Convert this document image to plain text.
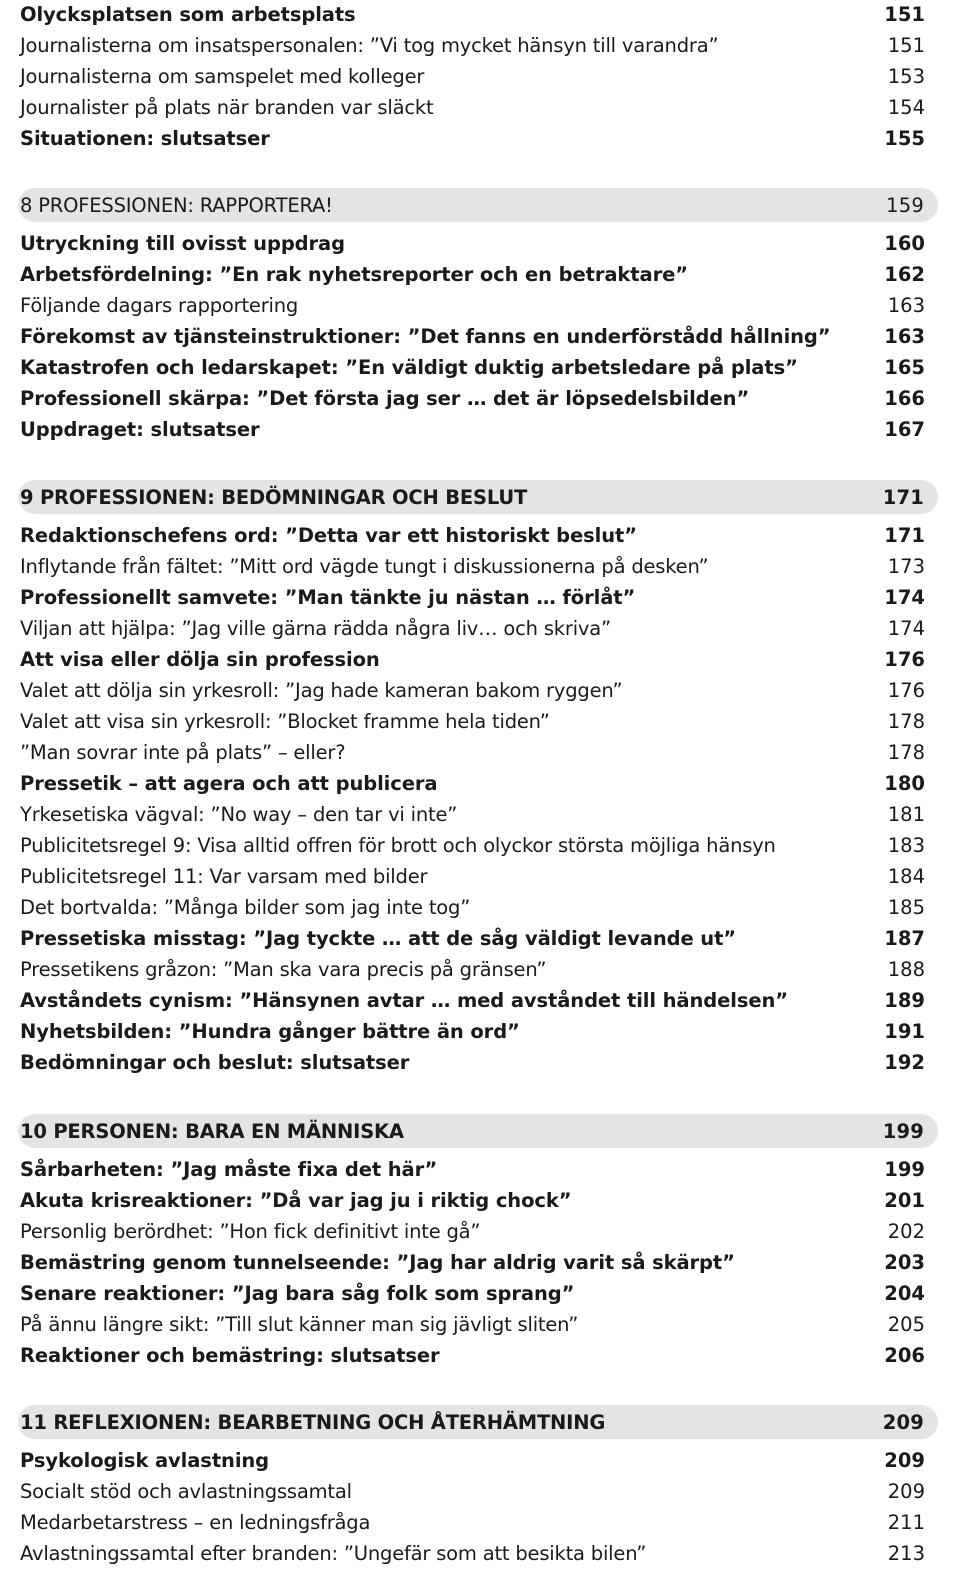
Olycksplatsen som arbetsplats	151
Journalisterna om insatspersonalen: ”Vi tog mycket hänsyn till varandra”	151
Journalisterna om samspelet med kolleger	153
Journalister på plats när branden var släckt	154
Situationen: slutsatser	155
8 PROFESSIONEN: RAPPORTERA!	159
Utryckning till ovisst uppdrag	160
Arbetsfördelning: ”En rak nyhetsreporter och en betraktare”	162
Följande dagars rapportering	163
Förekomst av tjänsteinstruktioner: ”Det fanns en underförstådd hållning”	163
Katastrofen och ledarskapet: ”En väldigt duktig arbetsledare på plats”	165
Professionell skärpa: ”Det första jag ser … det är löpsedelsbilden”	166
Uppdraget: slutsatser	167
9 PROFESSIONEN: BEDÖMNINGAR OCH BESLUT	171
Redaktionschefens ord: ”Detta var ett historiskt beslut”	171
Inflytande från fältet: ”Mitt ord vägde tungt i diskussionerna på desken”	173
Professionellt samvete: ”Man tänkte ju nästan … förlåt”	174
Viljan att hjälpa: ”Jag ville gärna rädda några liv… och skriva”	174
Att visa eller dölja sin profession	176
Valet att dölja sin yrkesroll: ”Jag hade kameran bakom ryggen”	176
Valet att visa sin yrkesroll: ”Blocket framme hela tiden”	178
”Man sovrar inte på plats” – eller?	178
Pressetik – att agera och att publicera	180
Yrkesetiska vägval: ”No way – den tar vi inte”	181
Publicitetsregel 9: Visa alltid offren för brott och olyckor största möjliga hänsyn	183
Publicitetsregel 11: Var varsam med bilder	184
Det bortvalda: ”Många bilder som jag inte tog”	185
Pressetiska misstag: ”Jag tyckte … att de såg väldigt levande ut”	187
Pressetikens gråzon: ”Man ska vara precis på gränsen”	188
Avståndets cynism: ”Hänsynen avtar … med avståndet till händelsen”	189
Nyhetsbilden: ”Hundra gånger bättre än ord”	191
Bedömningar och beslut: slutsatser	192
10 PERSONEN: BARA EN MÄNNISKA	199
Sårbarheten: ”Jag måste fixa det här”	199
Akuta krisreaktioner: ”Då var jag ju i riktig chock”	201
Personlig berördhet: ”Hon fick definitivt inte gå”	202
Bemästring genom tunnelseende: ”Jag har aldrig varit så skärpt”	203
Senare reaktioner: ”Jag bara såg folk som sprang”	204
På ännu längre sikt: ”Till slut känner man sig jävligt sliten”	205
Reaktioner och bemästring: slutsatser	206
11 REFLEXIONEN: BEARBETNING OCH ÅTERHÄMTNING	209
Psykologisk avlastning	209
Socialt stöd och avlastningssamtal	209
Medarbetarstress – en ledningsfråga	211
Avlastningssamtal efter branden: ”Ungefär som att besikta bilen”	213
